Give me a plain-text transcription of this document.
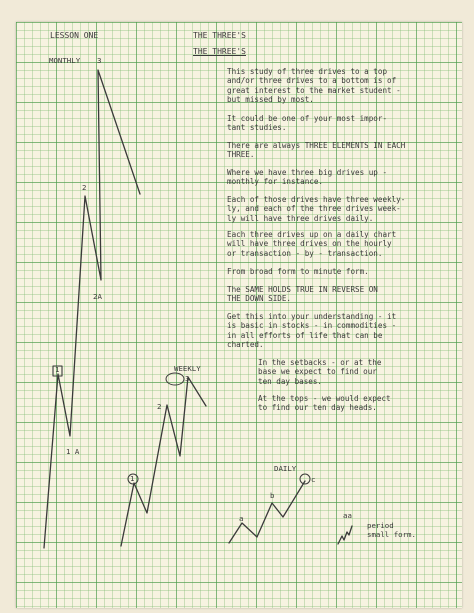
LESSON ONE	THE THREE'S

THE THREE'S

This study of three drives to a top
and/or three drives to a bottom is of
great interest to the market student -
but missed by most.

It could be one of your most impor-
tant studies.

There are always THREE ELEMENTS IN EACH
THREE.

Where we have three big drives up -
monthly for instance.

Each of those drives have three weekly-
ly, and each of the three drives week-
ly will have three drives daily.

Each three drives up on a daily chart
will have three drives on the hourly
or transaction - by - transaction.

From broad form to minute form.

The SAME HOLDS TRUE IN REVERSE ON
THE DOWN SIDE.

Get this into your understanding - it
is basic in stocks - in commodities -
in all efforts of life that can be
charted.

In the setbacks - or at the
base we expect to find our
ten day bases.

At the tops - we would expect
to find our ten day heads.

MONTHLY 3

2

2A

1

1 A

WEEKLY

3

2

1

DAILY

c

b

a	aa

period
small form.
